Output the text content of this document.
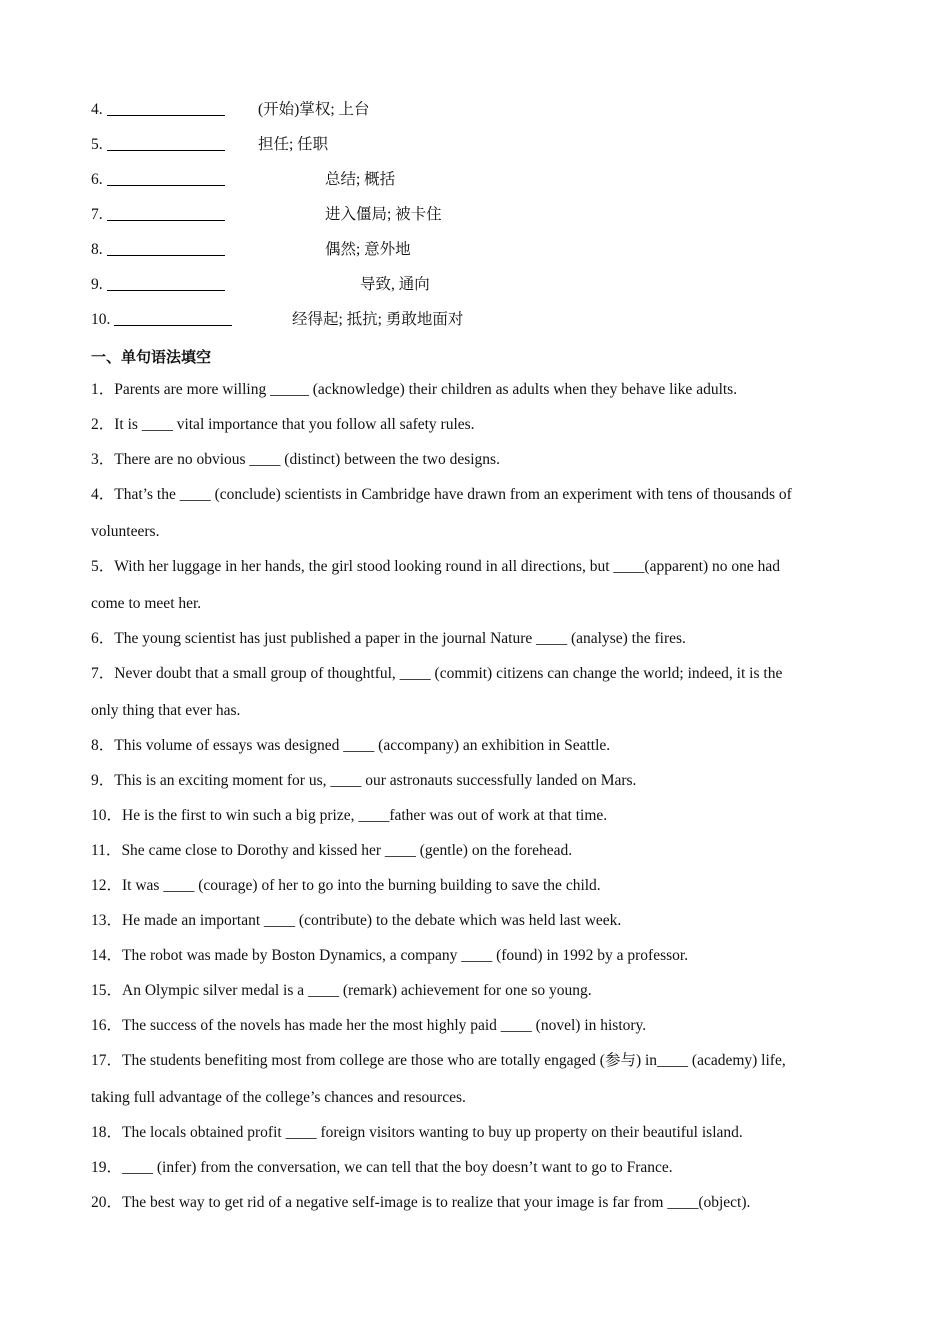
4.	(开始)掌权; 上台
5.	担任; 任职
6.	总结; 概括
7.	进入僵局; 被卡住
8.	偶然; 意外地
9.	导致, 通向
10.	经得起; 抵抗; 勇敢地面对
一、单句语法填空
1．Parents are more willing _____ (acknowledge) their children as adults when they behave like adults.
2．It is ____ vital importance that you follow all safety rules.
3．There are no obvious ____ (distinct) between the two designs.
4．That’s the ____ (conclude) scientists in Cambridge have drawn from an experiment with tens of thousands of
volunteers.
5．With her luggage in her hands, the girl stood looking round in all directions, but ____(apparent) no one had
come to meet her.
6．The young scientist has just published a paper in the journal Nature ____ (analyse) the fires.
7．Never doubt that a small group of thoughtful, ____ (commit) citizens can change the world; indeed, it is the
only thing that ever has.
8．This volume of essays was designed ____ (accompany) an exhibition in Seattle.
9．This is an exciting moment for us, ____ our astronauts successfully landed on Mars.
10．He is the first to win such a big prize, ____father was out of work at that time.
11．She came close to Dorothy and kissed her ____ (gentle) on the forehead.
12．It was ____ (courage) of her to go into the burning building to save the child.
13．He made an important ____ (contribute) to the debate which was held last week.
14．The robot was made by Boston Dynamics, a company ____ (found) in 1992 by a professor.
15．An Olympic silver medal is a ____ (remark) achievement for one so young.
16．The success of the novels has made her the most highly paid ____ (novel) in history.
17．The students benefiting most from college are those who are totally engaged (参与) in____ (academy) life,
taking full advantage of the college’s chances and resources.
18．The locals obtained profit ____ foreign visitors wanting to buy up property on their beautiful island.
19．____ (infer) from the conversation, we can tell that the boy doesn’t want to go to France.
20．The best way to get rid of a negative self-image is to realize that your image is far from ____(object).
